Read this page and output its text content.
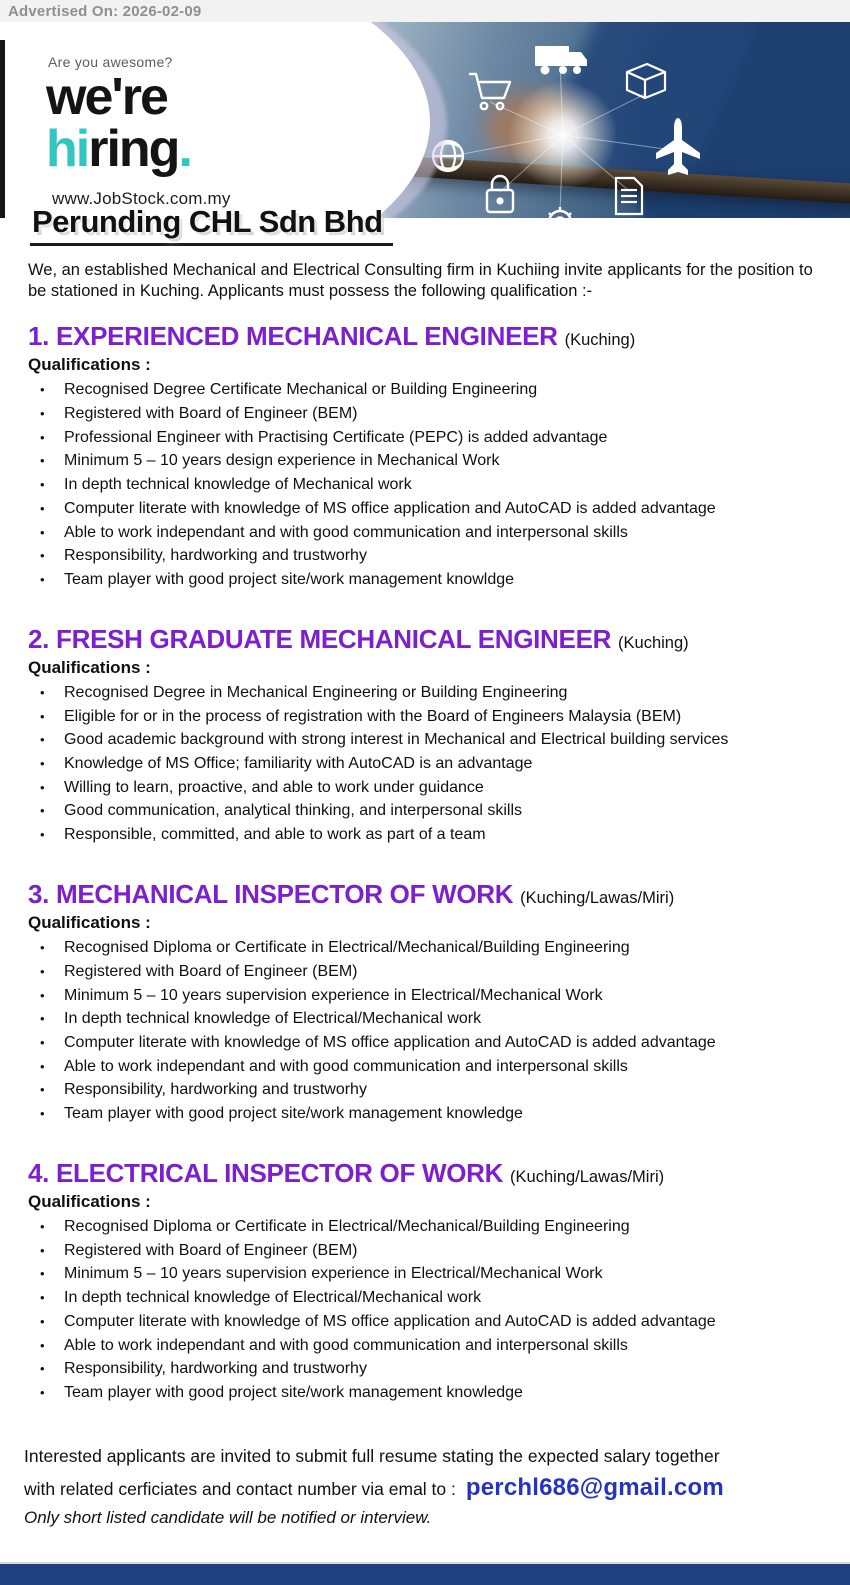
Advertised On: 2026-02-09
Are you awesome?
we're
hiring.
www.JobStock.com.my
Perunding CHL Sdn Bhd

We, an established Mechanical and Electrical Consulting firm in Kuchiing invite applicants for the position to be stationed in Kuching. Applicants must possess the following qualification :-

1. EXPERIENCED MECHANICAL ENGINEER (Kuching)

Qualifications :

•	Recognised Degree Certificate Mechanical or Building Engineering
•	Registered with Board of Engineer (BEM)
•	Professional Engineer with Practising Certificate (PEPC) is added advantage
•	Minimum 5 – 10 years design experience in Mechanical Work
•	In depth technical knowledge of Mechanical work
•	Computer literate with knowledge of MS office application and AutoCAD is added advantage
•	Able to work independant and with good communication and interpersonal skills
•	Responsibility, hardworking and trustworhy
•	Team player with good project site/work management knowldge
2. FRESH GRADUATE MECHANICAL ENGINEER (Kuching)

Qualifications :

•	Recognised Degree in Mechanical Engineering or Building Engineering
•	Eligible for or in the process of registration with the Board of Engineers Malaysia (BEM)
•	Good academic background with strong interest in Mechanical and Electrical building services
•	Knowledge of MS Office; familiarity with AutoCAD is an advantage
•	Willing to learn, proactive, and able to work under guidance
•	Good communication, analytical thinking, and interpersonal skills
•	Responsible, committed, and able to work as part of a team
3. MECHANICAL INSPECTOR OF WORK (Kuching/Lawas/Miri)

Qualifications :

•	Recognised Diploma or Certificate in Electrical/Mechanical/Building Engineering
•	Registered with Board of Engineer (BEM)
•	Minimum 5 – 10 years supervision experience in Electrical/Mechanical Work
•	In depth technical knowledge of Electrical/Mechanical work
•	Computer literate with knowledge of MS office application and AutoCAD is added advantage
•	Able to work independant and with good communication and interpersonal skills
•	Responsibility, hardworking and trustworhy
•	Team player with good project site/work management knowledge
4. ELECTRICAL INSPECTOR OF WORK (Kuching/Lawas/Miri)

Qualifications :

•	Recognised Diploma or Certificate in Electrical/Mechanical/Building Engineering
•	Registered with Board of Engineer (BEM)
•	Minimum 5 – 10 years supervision experience in Electrical/Mechanical Work
•	In depth technical knowledge of Electrical/Mechanical work
•	Computer literate with knowledge of MS office application and AutoCAD is added advantage
•	Able to work independant and with good communication and interpersonal skills
•	Responsibility, hardworking and trustworhy
•	Team player with good project site/work management knowledge

Interested applicants are invited to submit full resume stating the expected salary together

with related cerficiates and contact number via emal to : perchl686@gmail.com

Only short listed candidate will be notified or interview.
